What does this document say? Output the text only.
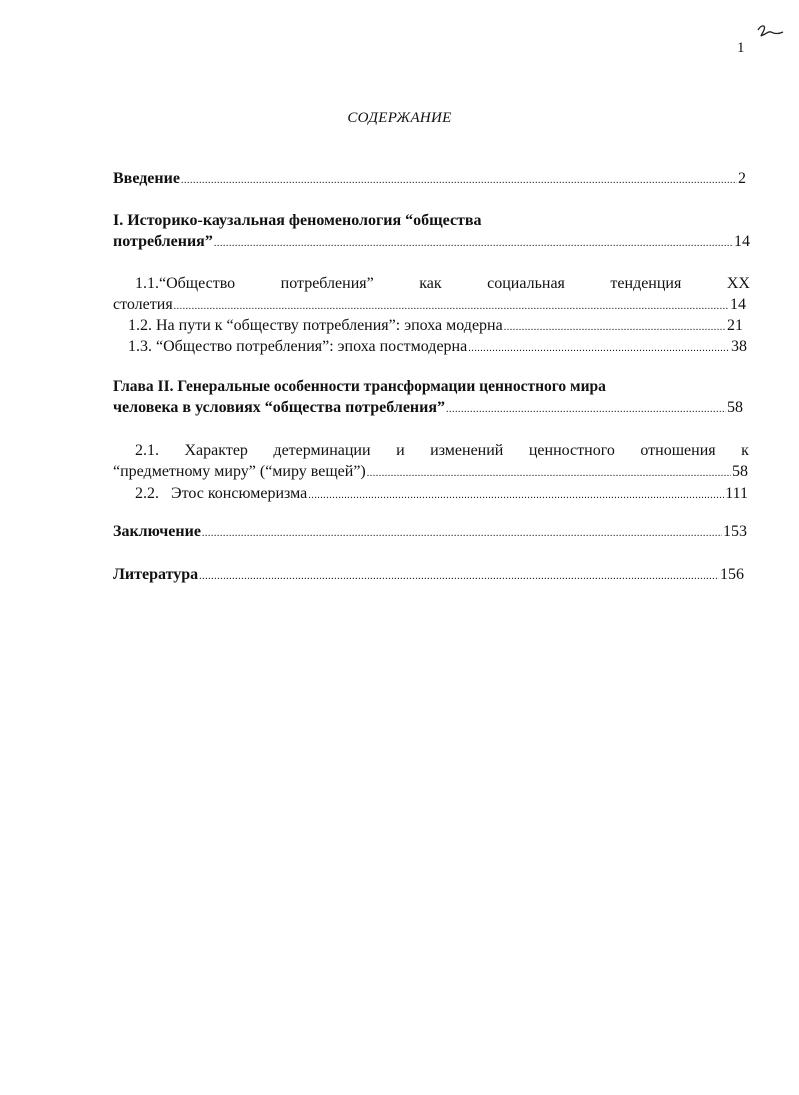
1
СОДЕРЖАНИЕ
Введение .....	2
I. Историко-каузальная феноменология “общества
потребления” .....	14
1.1.“Общество	потребления”	как	социальная	тенденция	XX
столетия .....	14
1.2. На пути к “обществу потребления”: эпоха модерна .....	21
1.3. “Общество потребления”: эпоха постмодерна .....	38
Глава II. Генеральные особенности трансформации ценностного мира
человека в условиях “общества потребления” .....	58
2.1. Характер детерминации и изменений ценностного отношения к
“предметному миру” (“миру вещей”) .....	58
2.2.   Этос консюмеризма .....	111
Заключение .....	153
Литература .....	156
